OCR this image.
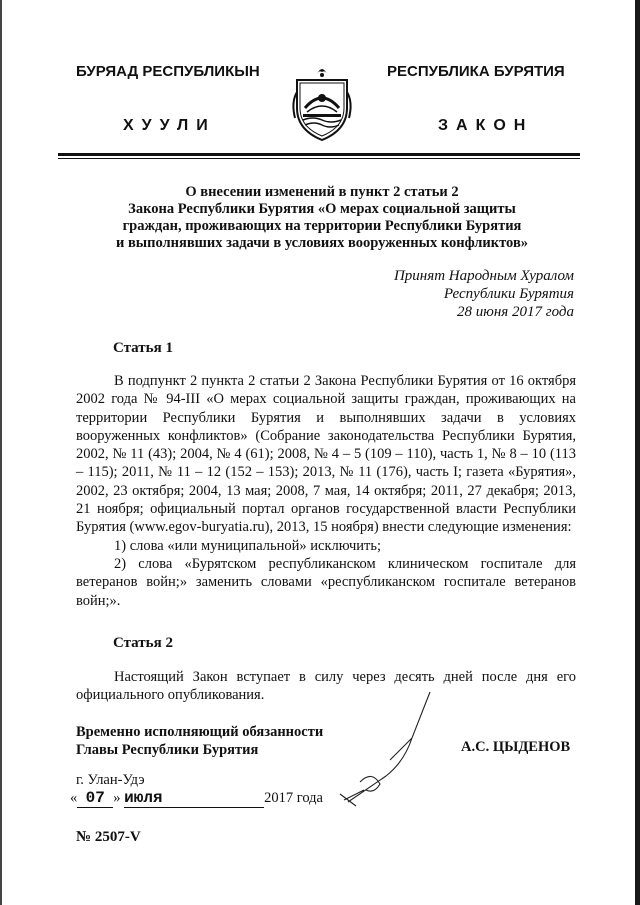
БУРЯАД РЕСПУБЛИКЫН	РЕСПУБЛИКА БУРЯТИЯ
ХУУЛИ	ЗАКОН
О внесении изменений в пункт 2 статьи 2
Закона Республики Бурятия «О мерах социальной защиты
граждан, проживающих на территории Республики Бурятия
и выполнявших задачи в условиях вооруженных конфликтов»
Принят Народным Хуралом
Республики Бурятия
28 июня 2017 года
Статья 1

В подпункт 2 пункта 2 статьи 2 Закона Республики Бурятия от 16 октября 2002 года № 94-III «О мерах социальной защиты граждан, проживающих на территории Республики Бурятия и выполнявших задачи в условиях вооруженных конфликтов» (Собрание законодательства Республики Бурятия, 2002, № 11 (43); 2004, № 4 (61); 2008, № 4 – 5 (109 – 110), часть 1, № 8 – 10 (113 – 115); 2011, № 11 – 12 (152 – 153); 2013, № 11 (176), часть I; газета «Бурятия», 2002, 23 октября; 2004, 13 мая; 2008, 7 мая, 14 октября; 2011, 27 декабря; 2013, 21 ноября; официальный портал органов государственной власти Республики Бурятия (www.egov-buryatia.ru), 2013, 15 ноября) внести следующие изменения:

1) слова «или муниципальной» исключить;

2) слова «Бурятском республиканском клиническом госпитале для ветеранов войн;» заменить словами «республиканском госпитале ветеранов войн;».

Статья 2

Настоящий Закон вступает в силу через десять дней после дня его официального опубликования.

Временно исполняющий обязанности
Главы Республики Бурятия	А.С. ЦЫДЕНОВ
г. Улан-Удэ
« 07 » июля	2017 года
№ 2507-V
